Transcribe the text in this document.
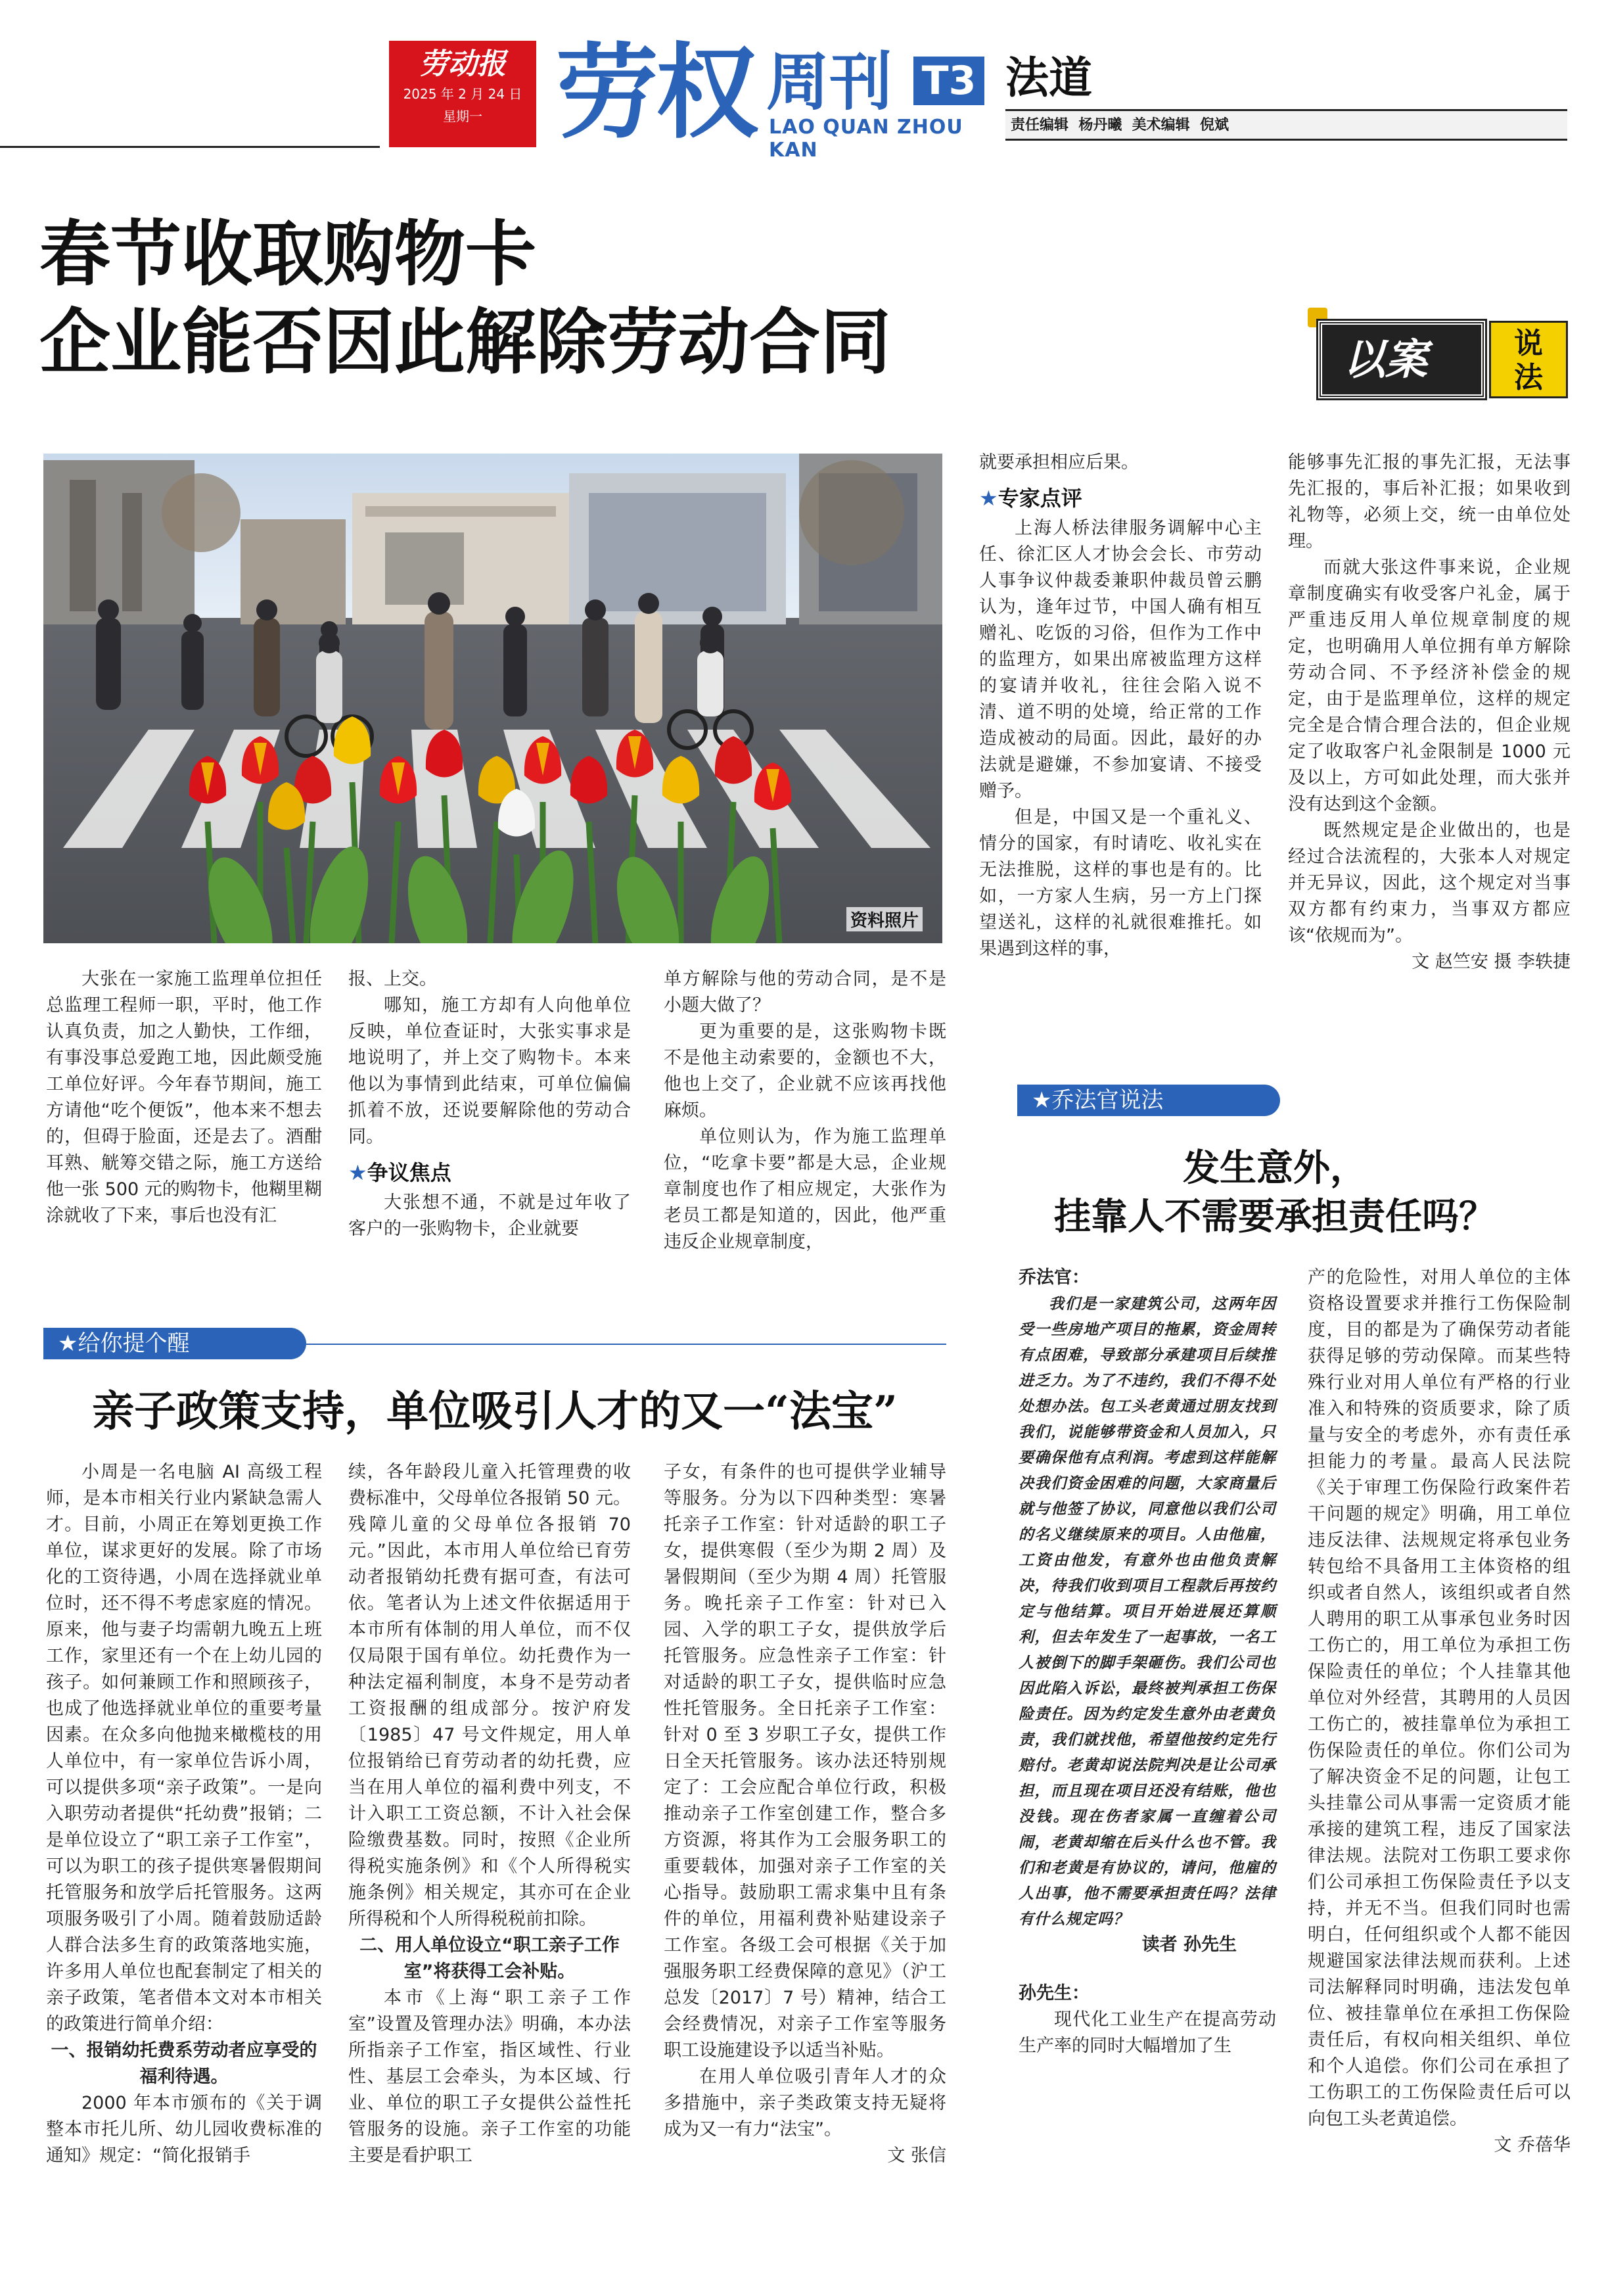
劳动报
2025 年 2 月 24 日
星期一 劳权 周刊 T3
LAO QUAN ZHOU KAN
法道
责任编辑  杨丹曦  美术编辑  倪斌
春节收取购物卡
企业能否因此解除劳动合同	以案	说
法
资料照片

大张在一家施工监理单位担任总监理工程师一职，平时，他工作认真负责，加之人勤快，工作细，有事没事总爱跑工地，因此颇受施工单位好评。今年春节期间，施工方请他“吃个便饭”，他本来不想去的，但碍于脸面，还是去了。酒酣耳熟、觥筹交错之际，施工方送给他一张 500 元的购物卡，他糊里糊涂就收了下来，事后也没有汇

报、上交。

哪知，施工方却有人向他单位反映，单位查证时，大张实事求是地说明了，并上交了购物卡。本来他以为事情到此结束，可单位偏偏抓着不放，还说要解除他的劳动合同。

★争议焦点

大张想不通，不就是过年收了客户的一张购物卡，企业就要

单方解除与他的劳动合同，是不是小题大做了？

更为重要的是，这张购物卡既不是他主动索要的，金额也不大，他也上交了，企业就不应该再找他麻烦。

单位则认为，作为施工监理单位，“吃拿卡要”都是大忌，企业规章制度也作了相应规定，大张作为老员工都是知道的，因此，他严重违反企业规章制度，

就要承担相应后果。

★专家点评

上海人桥法律服务调解中心主任、徐汇区人才协会会长、市劳动人事争议仲裁委兼职仲裁员曾云鹏认为，逢年过节，中国人确有相互赠礼、吃饭的习俗，但作为工作中的监理方，如果出席被监理方这样的宴请并收礼，往往会陷入说不清、道不明的处境，给正常的工作造成被动的局面。因此，最好的办法就是避嫌，不参加宴请、不接受赠予。

但是，中国又是一个重礼义、情分的国家，有时请吃、收礼实在无法推脱，这样的事也是有的。比如，一方家人生病，另一方上门探望送礼，这样的礼就很难推托。如果遇到这样的事，

能够事先汇报的事先汇报，无法事先汇报的，事后补汇报；如果收到礼物等，必须上交，统一由单位处理。

而就大张这件事来说，企业规章制度确实有收受客户礼金，属于严重违反用人单位规章制度的规定，也明确用人单位拥有单方解除劳动合同、不予经济补偿金的规定，由于是监理单位，这样的规定完全是合情合理合法的，但企业规定了收取客户礼金限制是 1000 元及以上，方可如此处理，而大张并没有达到这个金额。

既然规定是企业做出的，也是经过合法流程的，大张本人对规定并无异议，因此，这个规定对当事双方都有约束力，当事双方都应该“依规而为”。

文 赵竺安 摄 李轶捷

★给你提个醒
亲子政策支持，单位吸引人才的又一“法宝”

小周是一名电脑 AI 高级工程师，是本市相关行业内紧缺急需人才。目前，小周正在筹划更换工作单位，谋求更好的发展。除了市场化的工资待遇，小周在选择就业单位时，还不得不考虑家庭的情况。原来，他与妻子均需朝九晚五上班工作，家里还有一个在上幼儿园的孩子。如何兼顾工作和照顾孩子，也成了他选择就业单位的重要考量因素。在众多向他抛来橄榄枝的用人单位中，有一家单位告诉小周，可以提供多项“亲子政策”。一是向入职劳动者提供“托幼费”报销；二是单位设立了“职工亲子工作室”，可以为职工的孩子提供寒暑假期间托管服务和放学后托管服务。这两项服务吸引了小周。随着鼓励适龄人群合法多生育的政策落地实施，许多用人单位也配套制定了相关的亲子政策，笔者借本文对本市相关的政策进行简单介绍：

一、报销幼托费系劳动者应享受的福利待遇。

2000 年本市颁布的《关于调整本市托儿所、幼儿园收费标准的通知》规定：“简化报销手

续，各年龄段儿童入托管理费的收费标准中，父母单位各报销 50 元。残障儿童的父母单位各报销 70 元。”因此，本市用人单位给已育劳动者报销幼托费有据可查，有法可依。笔者认为上述文件依据适用于本市所有体制的用人单位，而不仅仅局限于国有单位。幼托费作为一种法定福利制度，本身不是劳动者工资报酬的组成部分。按沪府发〔1985〕47 号文件规定，用人单位报销给已育劳动者的幼托费，应当在用人单位的福利费中列支，不计入职工工资总额，不计入社会保险缴费基数。同时，按照《企业所得税实施条例》和《个人所得税实施条例》相关规定，其亦可在企业所得税和个人所得税税前扣除。

二、用人单位设立“职工亲子工作室”将获得工会补贴。

本市《上海“职工亲子工作室”设置及管理办法》明确，本办法所指亲子工作室，指区域性、行业性、基层工会牵头，为本区域、行业、单位的职工子女提供公益性托管服务的设施。亲子工作室的功能主要是看护职工

子女，有条件的也可提供学业辅导等服务。分为以下四种类型：寒暑托亲子工作室：针对适龄的职工子女，提供寒假（至少为期 2 周）及暑假期间（至少为期 4 周）托管服务。晚托亲子工作室：针对已入园、入学的职工子女，提供放学后托管服务。应急性亲子工作室：针对适龄的职工子女，提供临时应急性托管服务。全日托亲子工作室：针对 0 至 3 岁职工子女，提供工作日全天托管服务。该办法还特别规定了：工会应配合单位行政，积极推动亲子工作室创建工作，整合多方资源，将其作为工会服务职工的重要载体，加强对亲子工作室的关心指导。鼓励职工需求集中且有条件的单位，用福利费补贴建设亲子工作室。各级工会可根据《关于加强服务职工经费保障的意见》（沪工总发〔2017〕7 号）精神，结合工会经费情况，对亲子工作室等服务职工设施建设予以适当补贴。

在用人单位吸引青年人才的众多措施中，亲子类政策支持无疑将成为又一有力“法宝”。

文 张信

★乔法官说法
发生意外，
挂靠人不需要承担责任吗？

乔法官：

我们是一家建筑公司，这两年因受一些房地产项目的拖累，资金周转有点困难，导致部分承建项目后续推进乏力。为了不违约，我们不得不处处想办法。包工头老黄通过朋友找到我们，说能够带资金和人员加入，只要确保他有点利润。考虑到这样能解决我们资金困难的问题，大家商量后就与他签了协议，同意他以我们公司的名义继续原来的项目。人由他雇，工资由他发，有意外也由他负责解决，待我们收到项目工程款后再按约定与他结算。项目开始进展还算顺利，但去年发生了一起事故，一名工人被倒下的脚手架砸伤。我们公司也因此陷入诉讼，最终被判承担工伤保险责任。因为约定发生意外由老黄负责，我们就找他，希望他按约定先行赔付。老黄却说法院判决是让公司承担，而且现在项目还没有结账，他也没钱。现在伤者家属一直缠着公司闹，老黄却缩在后头什么也不管。我们和老黄是有协议的，请问，他雇的人出事，他不需要承担责任吗？法律有什么规定吗？

读者 孙先生

孙先生：

现代化工业生产在提高劳动生产率的同时大幅增加了生

产的危险性，对用人单位的主体资格设置要求并推行工伤保险制度，目的都是为了确保劳动者能获得足够的劳动保障。而某些特殊行业对用人单位有严格的行业准入和特殊的资质要求，除了质量与安全的考虑外，亦有责任承担能力的考量。最高人民法院《关于审理工伤保险行政案件若干问题的规定》明确，用工单位违反法律、法规规定将承包业务转包给不具备用工主体资格的组织或者自然人，该组织或者自然人聘用的职工从事承包业务时因工伤亡的，用工单位为承担工伤保险责任的单位；个人挂靠其他单位对外经营，其聘用的人员因工伤亡的，被挂靠单位为承担工伤保险责任的单位。你们公司为了解决资金不足的问题，让包工头挂靠公司从事需一定资质才能承接的建筑工程，违反了国家法律法规。法院对工伤职工要求你们公司承担工伤保险责任予以支持，并无不当。但我们同时也需明白，任何组织或个人都不能因规避国家法律法规而获利。上述司法解释同时明确，违法发包单位、被挂靠单位在承担工伤保险责任后，有权向相关组织、单位和个人追偿。你们公司在承担了工伤职工的工伤保险责任后可以向包工头老黄追偿。

文 乔蓓华
